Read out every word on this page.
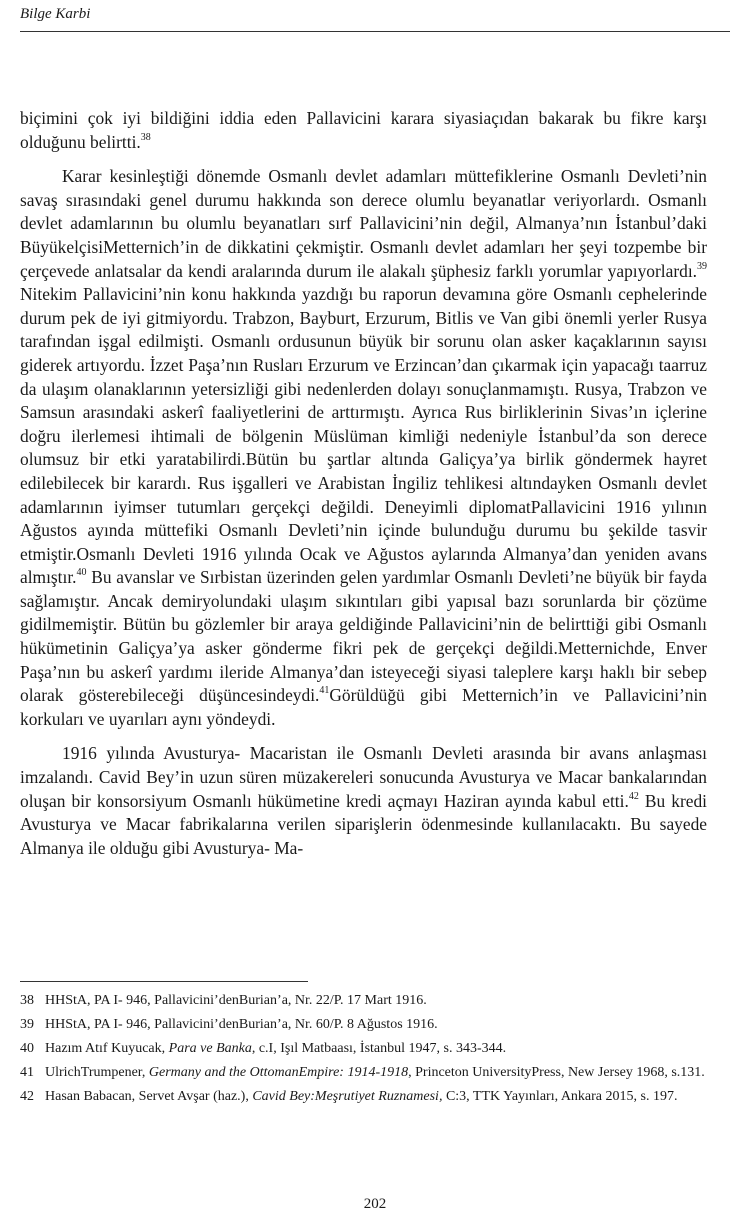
Bilge Karbi

biçimini çok iyi bildiğini iddia eden Pallavicini karara siyasiaçıdan bakarak bu fikre karşı olduğunu belirtti.$^{38}$

Karar kesinleştiği dönemde Osmanlı devlet adamları müttefiklerine Osmanlı Devleti’nin savaş sırasındaki genel durumu hakkında son derece olumlu beyanatlar veriyorlardı. Osmanlı devlet adamlarının bu olumlu beyanatları sırf Pallavicini’nin değil, Almanya’nın İstanbul’daki BüyükelçisiMetternich’in de dikkatini çekmiştir. Osmanlı devlet adamları her şeyi tozpembe bir çerçevede anlatsalar da kendi aralarında durum ile alakalı şüphesiz farklı yorumlar yapıyorlardı.$^{39}$ Nitekim Pallavicini’nin konu hakkında yazdığı bu raporun devamına göre Osmanlı cephelerinde durum pek de iyi gitmiyordu. Trabzon, Bayburt, Erzurum, Bitlis ve Van gibi önemli yerler Rusya tarafından işgal edilmişti. Osmanlı ordusunun büyük bir sorunu olan asker kaçaklarının sayısı giderek artıyordu. İzzet Paşa’nın Rusları Erzurum ve Erzincan’dan çıkarmak için yapacağı taarruz da ulaşım olanaklarının yetersizliği gibi nedenlerden dolayı sonuçlanmamıştı. Rusya, Trabzon ve Samsun arasındaki askerî faaliyetlerini de arttırmıştı. Ayrıca Rus birliklerinin Sivas’ın içlerine doğru ilerlemesi ihtimali de bölgenin Müslüman kimliği nedeniyle İstanbul’da son derece olumsuz bir etki yaratabilirdi.Bütün bu şartlar altında Galiçya’ya birlik göndermek hayret edilebilecek bir karardı. Rus işgalleri ve Arabistan İngiliz tehlikesi altındayken Osmanlı devlet adamlarının iyimser tutumları gerçekçi değildi. Deneyimli diplomatPallavicini 1916 yılının Ağustos ayında müttefiki Osmanlı Devleti’nin içinde bulunduğu durumu bu şekilde tasvir etmiştir.Osmanlı Devleti 1916 yılında Ocak ve Ağustos aylarında Almanya’dan yeniden avans almıştır.$^{40}$ Bu avanslar ve Sırbistan üzerinden gelen yardımlar Osmanlı Devleti’ne büyük bir fayda sağlamıştır. Ancak demiryolundaki ulaşım sıkıntıları gibi yapısal bazı sorunlarda bir çözüme gidilmemiştir. Bütün bu gözlemler bir araya geldiğinde Pallavicini’nin de belirttiği gibi Osmanlı hükümetinin Galiçya’ya asker gönderme fikri pek de gerçekçi değildi.Metternichde, Enver Paşa’nın bu askerî yardımı ileride Almanya’dan isteyeceği siyasi taleplere karşı haklı bir sebep olarak gösterebileceği düşüncesindeydi.$^{41}$Görüldüğü gibi Metternich’in ve Pallavicini’nin korkuları ve uyarıları aynı yöndeydi.

1916 yılında Avusturya- Macaristan ile Osmanlı Devleti arasında bir avans anlaşması imzalandı. Cavid Bey’in uzun süren müzakereleri sonucunda Avusturya ve Macar bankalarından oluşan bir konsorsiyum Osmanlı hükümetine kredi açmayı Haziran ayında kabul etti.$^{42}$ Bu kredi Avusturya ve Macar fabrikalarına verilen siparişlerin ödenmesinde kullanılacaktı. Bu sayede Almanya ile olduğu gibi Avusturya- Ma-

38 HHStA, PA I- 946, Pallavicini’denBurian’a, Nr. 22/P. 17 Mart 1916.
39 HHStA, PA I- 946, Pallavicini’denBurian’a, Nr. 60/P. 8 Ağustos 1916.
40 Hazım Atıf Kuyucak, Para ve Banka, c.I, Işıl Matbaası, İstanbul 1947, s. 343-344.
41 UlrichTrumpener, Germany and the OttomanEmpire: 1914-1918, Princeton UniversityPress, New Jersey 1968, s.131.
42 Hasan Babacan, Servet Avşar (haz.), Cavid Bey:Meşrutiyet Ruznamesi, C:3, TTK Yayınları, Ankara 2015, s. 197.
202
